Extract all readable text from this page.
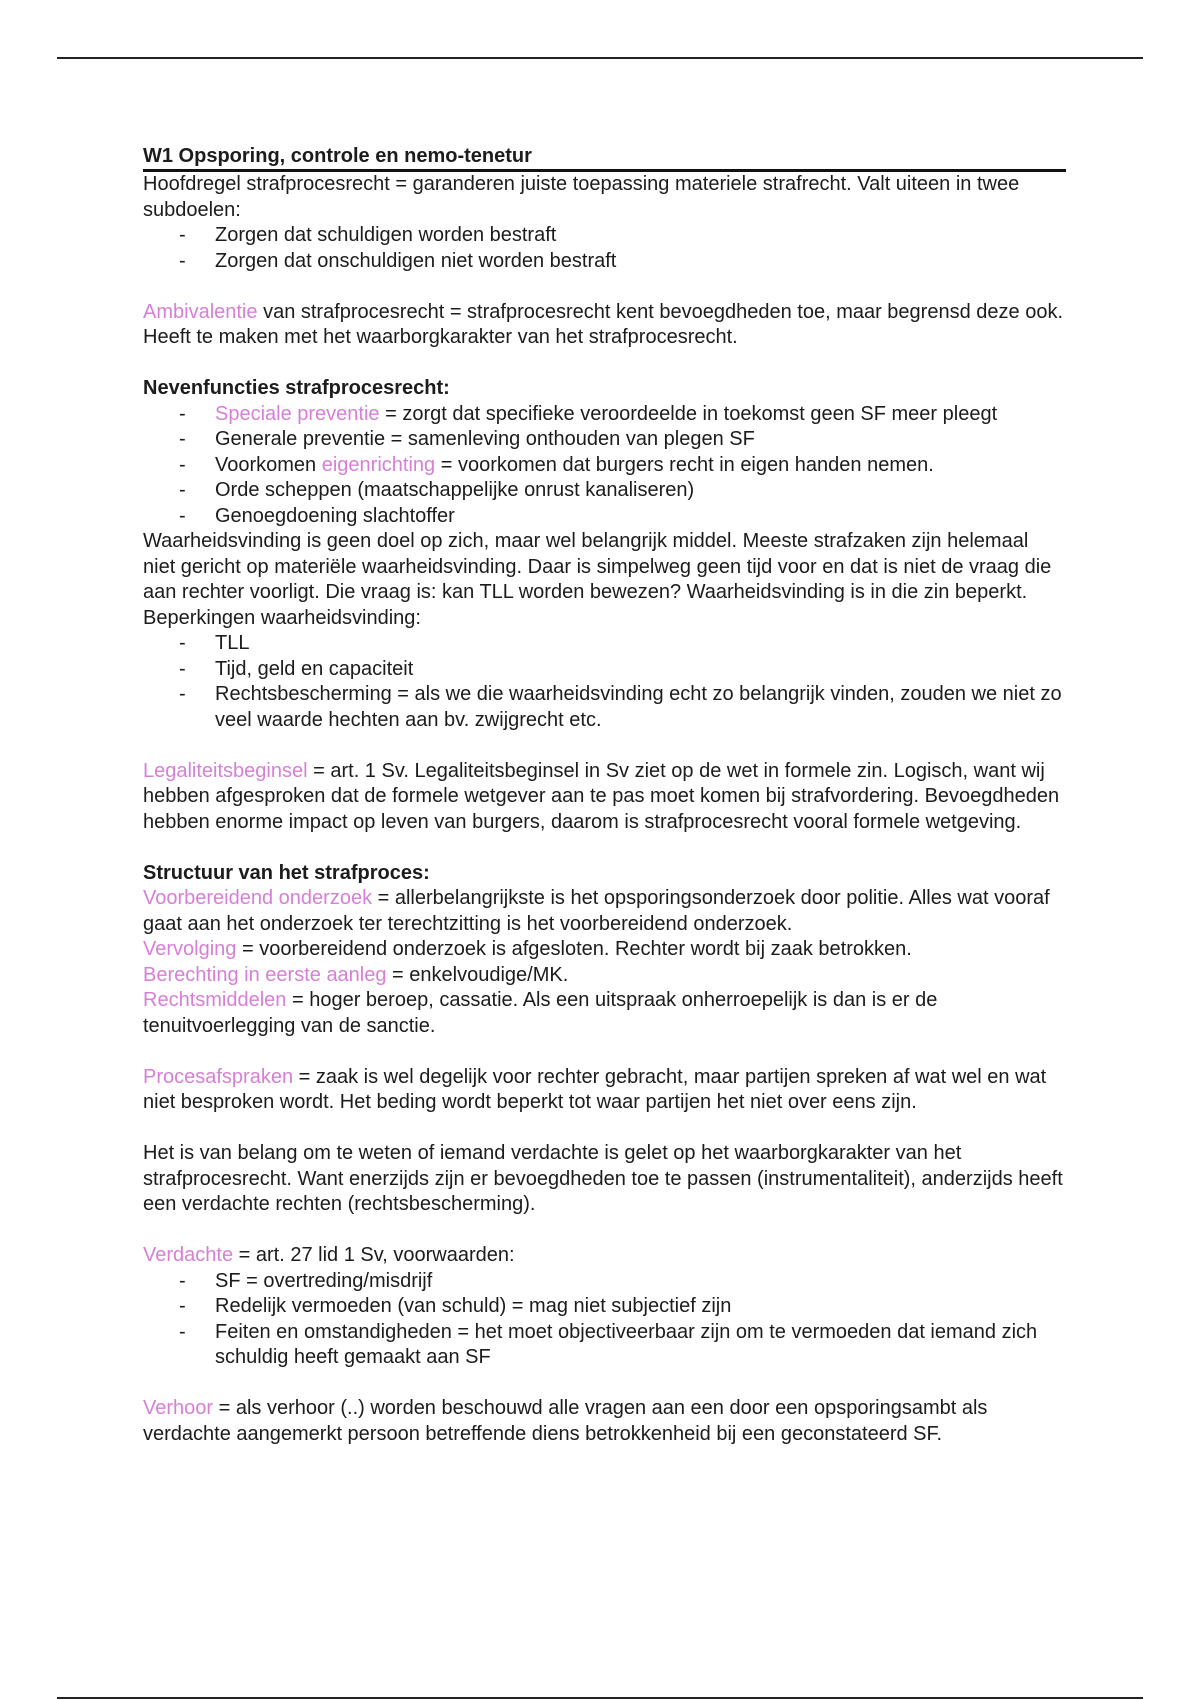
W1 Opsporing, controle en nemo-tenetur

Hoofdregel strafprocesrecht = garanderen juiste toepassing materiele strafrecht. Valt uiteen in twee subdoelen:

- Zorgen dat schuldigen worden bestraft
- Zorgen dat onschuldigen niet worden bestraft

Ambivalentie van strafprocesrecht = strafprocesrecht kent bevoegdheden toe, maar begrensd deze ook. Heeft te maken met het waarborgkarakter van het strafprocesrecht.

Nevenfuncties strafprocesrecht:

- Speciale preventie = zorgt dat specifieke veroordeelde in toekomst geen SF meer pleegt
- Generale preventie = samenleving onthouden van plegen SF
- Voorkomen eigenrichting = voorkomen dat burgers recht in eigen handen nemen.
- Orde scheppen (maatschappelijke onrust kanaliseren)
- Genoegdoening slachtoffer

Waarheidsvinding is geen doel op zich, maar wel belangrijk middel. Meeste strafzaken zijn helemaal niet gericht op materiële waarheidsvinding. Daar is simpelweg geen tijd voor en dat is niet de vraag die aan rechter voorligt. Die vraag is: kan TLL worden bewezen? Waarheidsvinding is in die zin beperkt. Beperkingen waarheidsvinding:

- TLL
- Tijd, geld en capaciteit
- Rechtsbescherming = als we die waarheidsvinding echt zo belangrijk vinden, zouden we niet zo veel waarde hechten aan bv. zwijgrecht etc.

Legaliteitsbeginsel = art. 1 Sv. Legaliteitsbeginsel in Sv ziet op de wet in formele zin. Logisch, want wij hebben afgesproken dat de formele wetgever aan te pas moet komen bij strafvordering. Bevoegdheden hebben enorme impact op leven van burgers, daarom is strafprocesrecht vooral formele wetgeving.

Structuur van het strafproces:

Voorbereidend onderzoek = allerbelangrijkste is het opsporingsonderzoek door politie. Alles wat vooraf gaat aan het onderzoek ter terechtzitting is het voorbereidend onderzoek.

Vervolging = voorbereidend onderzoek is afgesloten. Rechter wordt bij zaak betrokken.

Berechting in eerste aanleg = enkelvoudige/MK.

Rechtsmiddelen = hoger beroep, cassatie. Als een uitspraak onherroepelijk is dan is er de tenuitvoerlegging van de sanctie.

Procesafspraken = zaak is wel degelijk voor rechter gebracht, maar partijen spreken af wat wel en wat niet besproken wordt. Het beding wordt beperkt tot waar partijen het niet over eens zijn.

Het is van belang om te weten of iemand verdachte is gelet op het waarborgkarakter van het strafprocesrecht. Want enerzijds zijn er bevoegdheden toe te passen (instrumentaliteit), anderzijds heeft een verdachte rechten (rechtsbescherming).

Verdachte = art. 27 lid 1 Sv, voorwaarden:

- SF = overtreding/misdrijf
- Redelijk vermoeden (van schuld) = mag niet subjectief zijn
- Feiten en omstandigheden = het moet objectiveerbaar zijn om te vermoeden dat iemand zich schuldig heeft gemaakt aan SF

Verhoor = als verhoor (..) worden beschouwd alle vragen aan een door een opsporingsambt als verdachte aangemerkt persoon betreffende diens betrokkenheid bij een geconstateerd SF.
